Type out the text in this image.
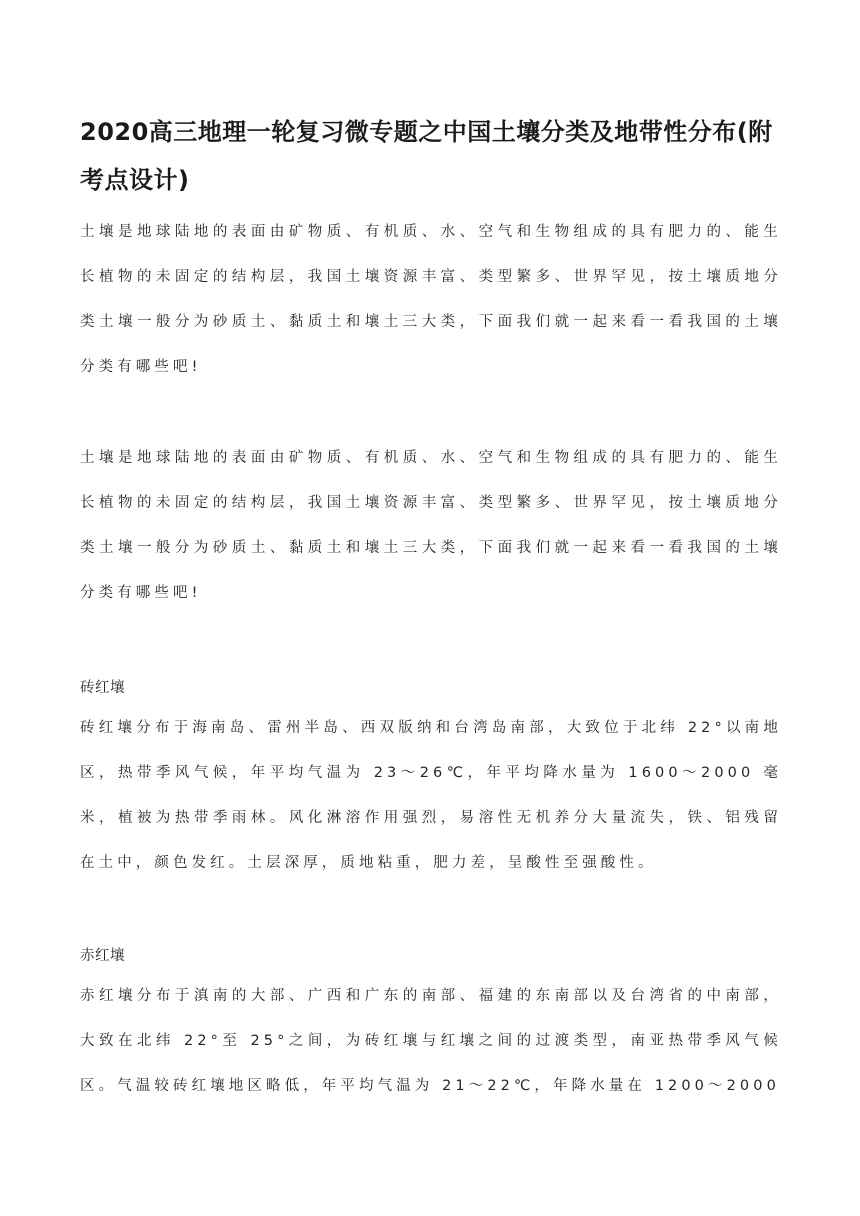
2020高三地理一轮复习微专题之中国土壤分类及地带性分布(附考点设计)

土壤是地球陆地的表面由矿物质、有机质、水、空气和生物组成的具有肥力的、能生长植物的未固定的结构层，我国土壤资源丰富、类型繁多、世界罕见，按土壤质地分类土壤一般分为砂质土、黏质土和壤土三大类，下面我们就一起来看一看我国的土壤分类有哪些吧!

土壤是地球陆地的表面由矿物质、有机质、水、空气和生物组成的具有肥力的、能生长植物的未固定的结构层，我国土壤资源丰富、类型繁多、世界罕见，按土壤质地分类土壤一般分为砂质土、黏质土和壤土三大类，下面我们就一起来看一看我国的土壤分类有哪些吧!

砖红壤

砖红壤分布于海南岛、雷州半岛、西双版纳和台湾岛南部，大致位于北纬 22°以南地区，热带季风气候，年平均气温为 23～26℃，年平均降水量为 1600～2000 毫米，植被为热带季雨林。风化淋溶作用强烈，易溶性无机养分大量流失，铁、铝残留在土中，颜色发红。土层深厚，质地粘重，肥力差，呈酸性至强酸性。

赤红壤

赤红壤分布于滇南的大部、广西和广东的南部、福建的东南部以及台湾省的中南部，大致在北纬 22°至 25°之间，为砖红壤与红壤之间的过渡类型，南亚热带季风气候区。气温较砖红壤地区略低，年平均气温为 21～22℃，年降水量在 1200～2000
